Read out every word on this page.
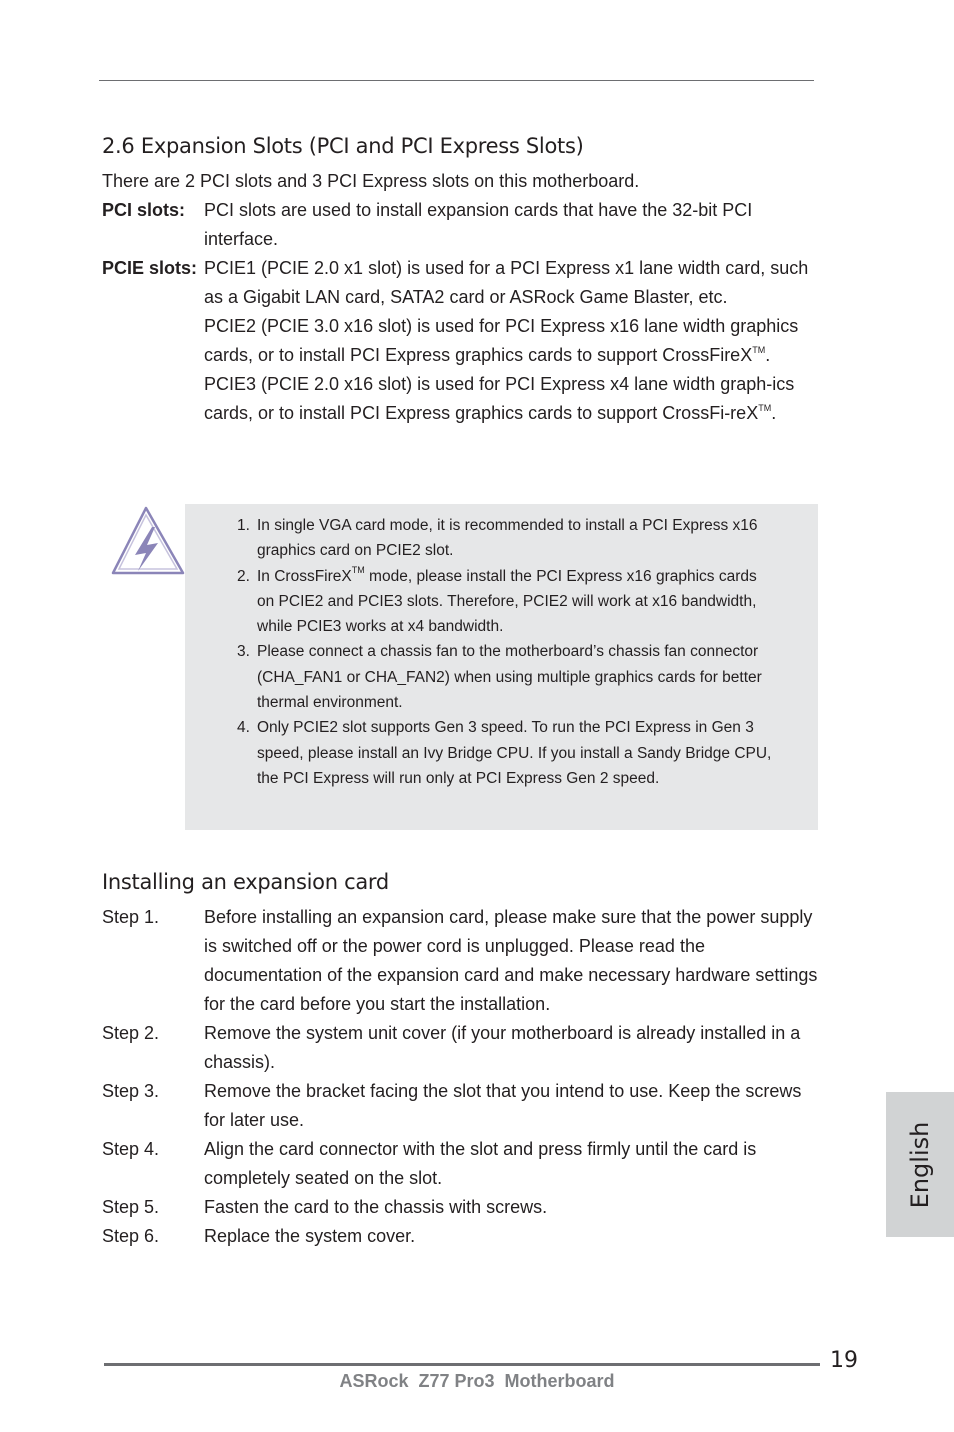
2.6 Expansion Slots (PCI and PCI Express Slots)
There are 2 PCI slots and 3 PCI Express slots on this motherboard.
PCI slots: PCI slots are used to install expansion cards that have the 32-bit PCI

interface.

PCIE slots: PCIE1 (PCIE 2.0 x1 slot) is used for a PCI Express x1 lane width card, such as a Gigabit LAN card, SATA2 card or ASRock Game Blaster, etc.

PCIE2 (PCIE 3.0 x16 slot) is used for PCI Express x16 lane width graphics cards, or to install PCI Express graphics cards to support CrossFireX™.

PCIE3 (PCIE 2.0 x16 slot) is used for PCI Express x4 lane width graph-ics cards, or to install PCI Express graphics cards to support CrossFi-reX™.

1. In single VGA card mode, it is recommended to install a PCI Express x16 graphics card on PCIE2 slot.
2. In CrossFireX™ mode, please install the PCI Express x16 graphics cards on PCIE2 and PCIE3 slots. Therefore, PCIE2 will work at x16 bandwidth, while PCIE3 works at x4 bandwidth.
3. Please connect a chassis fan to the motherboard’s chassis fan connector (CHA_FAN1 or CHA_FAN2) when using multiple graphics cards for better thermal environment.
4. Only PCIE2 slot supports Gen 3 speed. To run the PCI Express in Gen 3 speed, please install an Ivy Bridge CPU. If you install a Sandy Bridge CPU, the PCI Express will run only at PCI Express Gen 2 speed.
Installing an expansion card
Step 1. Before installing an expansion card, please make sure that the power supply is switched off or the power cord is unplugged. Please read the documentation of the expansion card and make necessary hardware settings for the card before you start the installation.
Step 2. Remove the system unit cover (if your motherboard is already installed in a chassis).
Step 3. Remove the bracket facing the slot that you intend to use. Keep the screws for later use.
Step 4. Align the card connector with the slot and press firmly until the card is completely seated on the slot.
Step 5. Fasten the card to the chassis with screws.
Step 6. Replace the system cover.
English
19
ASRock  Z77 Pro3  Motherboard
